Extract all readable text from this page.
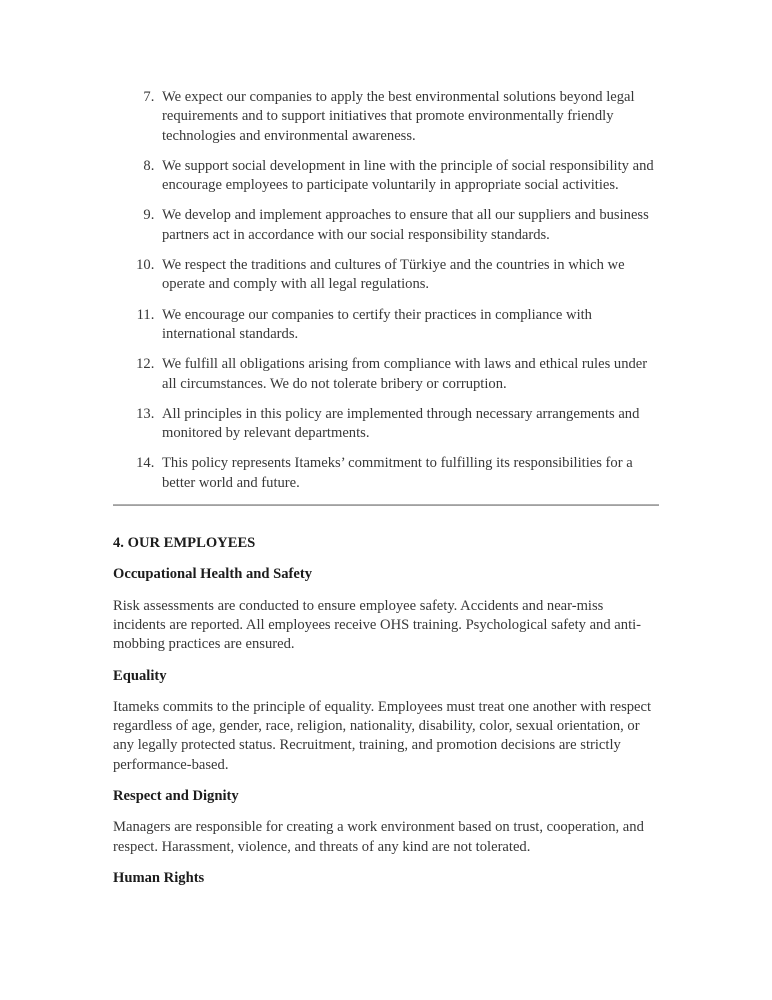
7. We expect our companies to apply the best environmental solutions beyond legal requirements and to support initiatives that promote environmentally friendly technologies and environmental awareness.
8. We support social development in line with the principle of social responsibility and encourage employees to participate voluntarily in appropriate social activities.
9. We develop and implement approaches to ensure that all our suppliers and business partners act in accordance with our social responsibility standards.
10. We respect the traditions and cultures of Türkiye and the countries in which we operate and comply with all legal regulations.
11. We encourage our companies to certify their practices in compliance with international standards.
12. We fulfill all obligations arising from compliance with laws and ethical rules under all circumstances. We do not tolerate bribery or corruption.
13. All principles in this policy are implemented through necessary arrangements and monitored by relevant departments.
14. This policy represents Itameks’ commitment to fulfilling its responsibilities for a better world and future.
4. OUR EMPLOYEES
Occupational Health and Safety

Risk assessments are conducted to ensure employee safety. Accidents and near-miss incidents are reported. All employees receive OHS training. Psychological safety and anti-mobbing practices are ensured.

Equality

Itameks commits to the principle of equality. Employees must treat one another with respect regardless of age, gender, race, religion, nationality, disability, color, sexual orientation, or any legally protected status. Recruitment, training, and promotion decisions are strictly performance-based.

Respect and Dignity

Managers are responsible for creating a work environment based on trust, cooperation, and respect. Harassment, violence, and threats of any kind are not tolerated.

Human Rights
